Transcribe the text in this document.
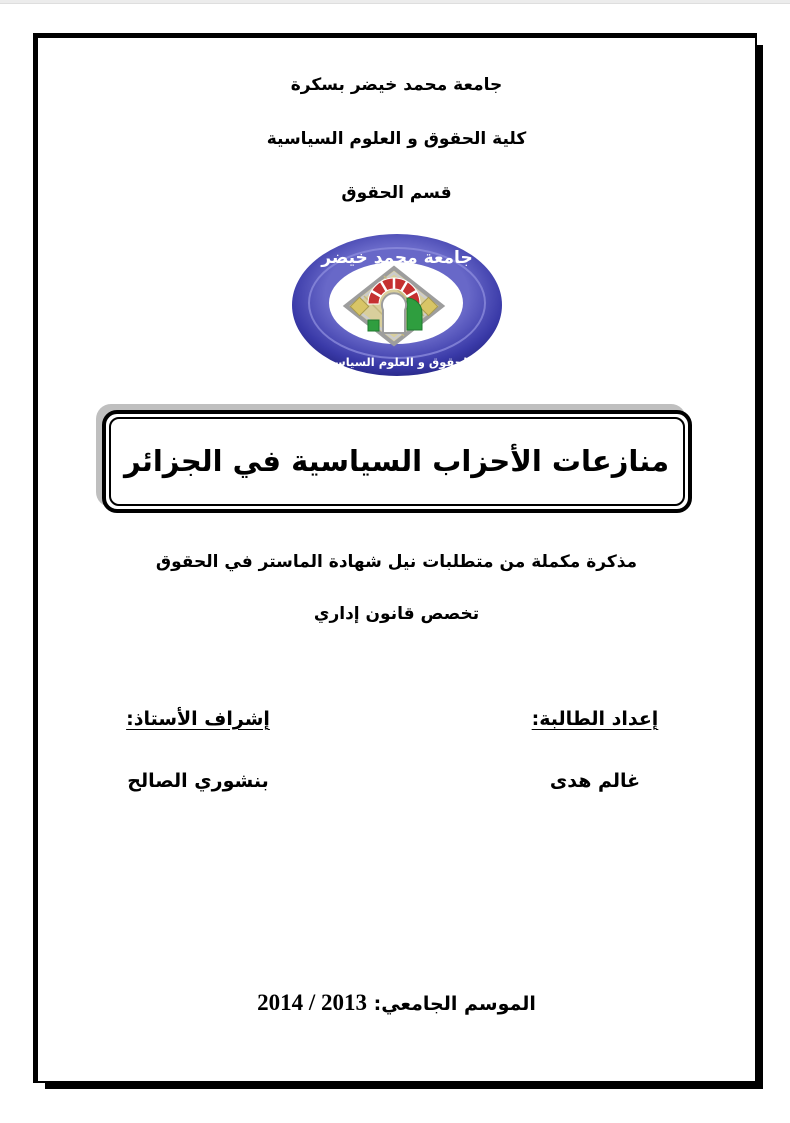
جامعة محمد خيضر بسكرة
كلية الحقوق و العلوم السياسية
قسم الحقوق
جامعة محمد خيضر
الحقوق و العلوم السياسية
منازعات الأحزاب السياسية في الجزائر
مذكرة مكملة من متطلبات نيل شهادة الماستر في الحقوق
تخصص قانون إداري
إعداد الطالبة:
غالم هدى
إشراف الأستاذ:
بنشوري الصالح
الموسم الجامعي: 2013 / 2014
